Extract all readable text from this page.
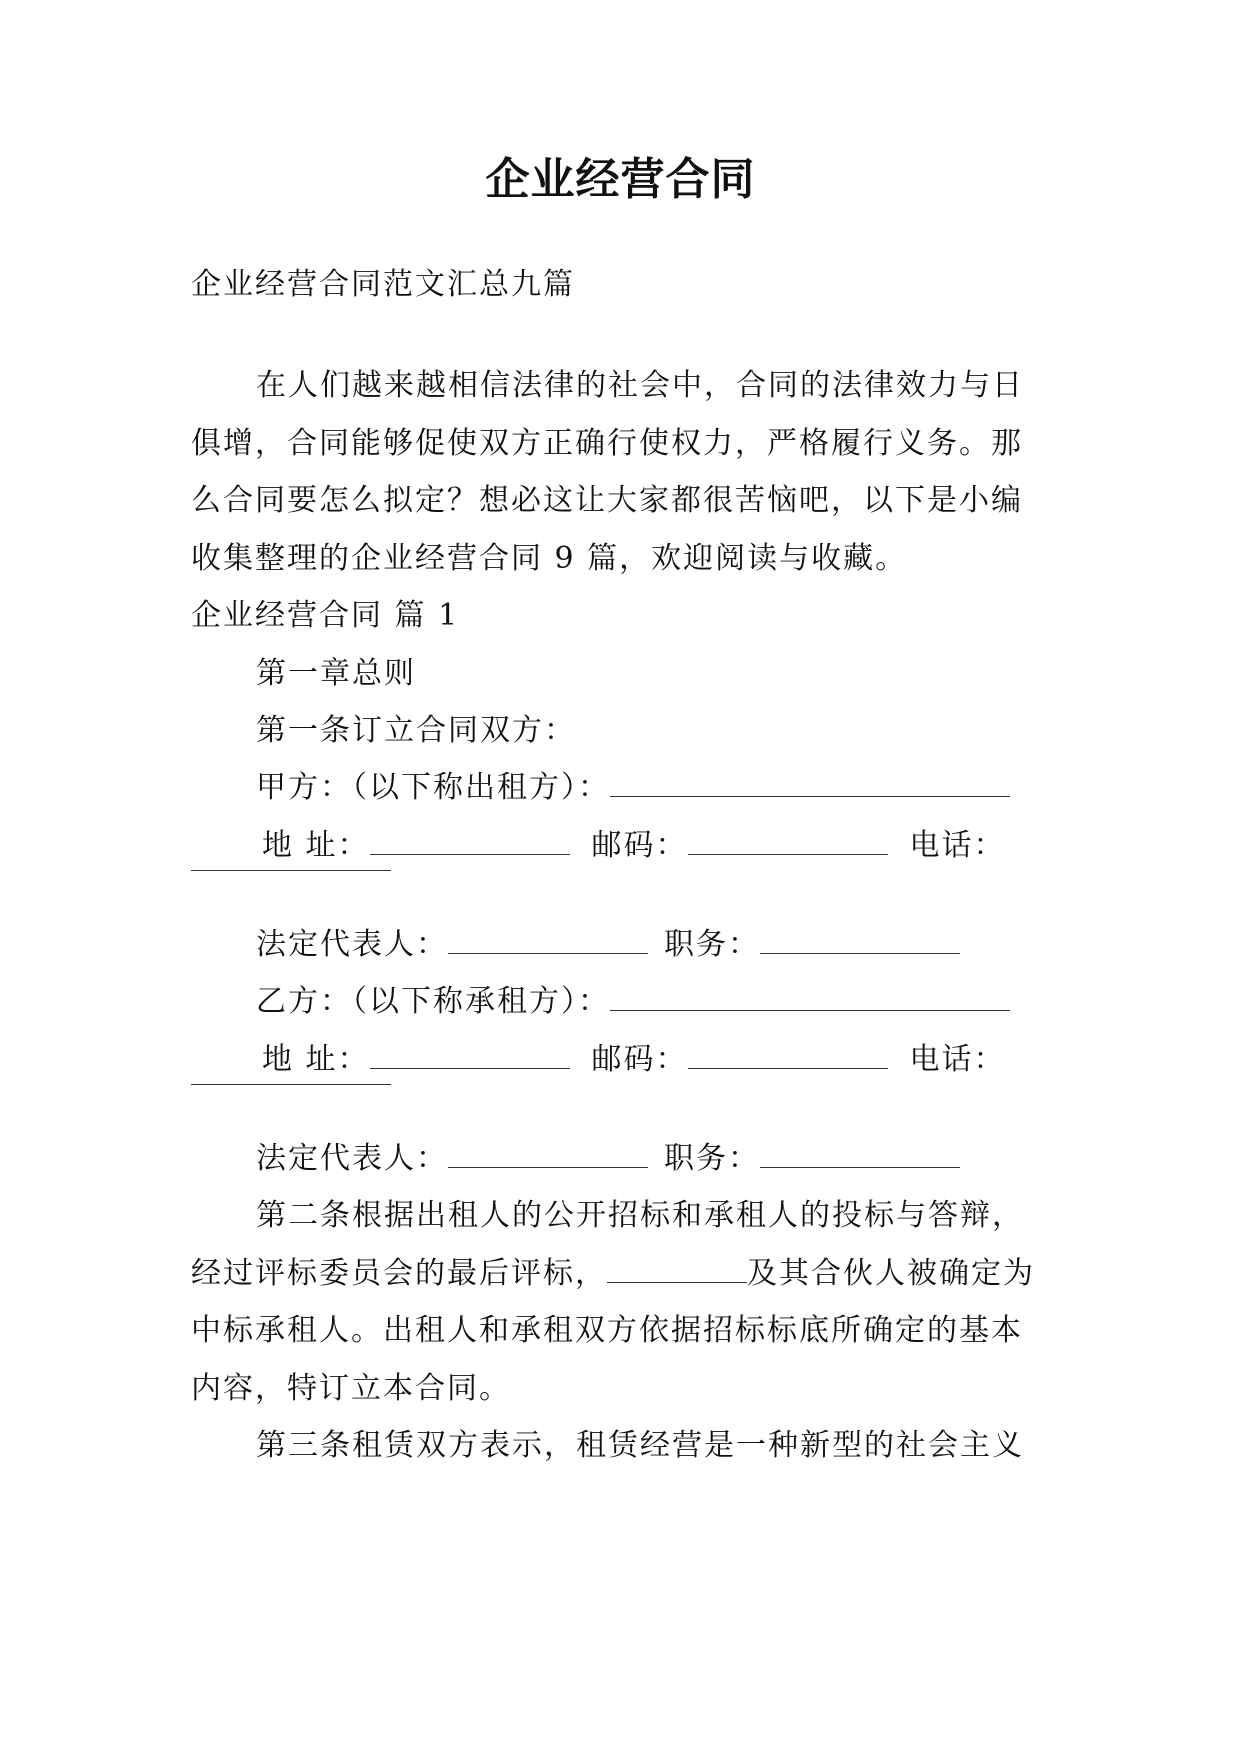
企业经营合同

企业经营合同范文汇总九篇

在人们越来越相信法律的社会中，合同的法律效力与日

俱增，合同能够促使双方正确行使权力，严格履行义务。那

么合同要怎么拟定？想必这让大家都很苦恼吧，以下是小编

收集整理的企业经营合同 9 篇，欢迎阅读与收藏。

企业经营合同 篇 1

第一章总则

第一条订立合同双方：

甲方：（以下称出租方）：

地 址：	邮码：	电话：

法定代表人：	职务：

乙方：（以下称承租方）：

地 址：	邮码：	电话：

法定代表人：	职务：

第二条根据出租人的公开招标和承租人的投标与答辩，

经过评标委员会的最后评标，	及其合伙人被确定为

中标承租人。出租人和承租双方依据招标标底所确定的基本

内容，特订立本合同。

第三条租赁双方表示，租赁经营是一种新型的社会主义
